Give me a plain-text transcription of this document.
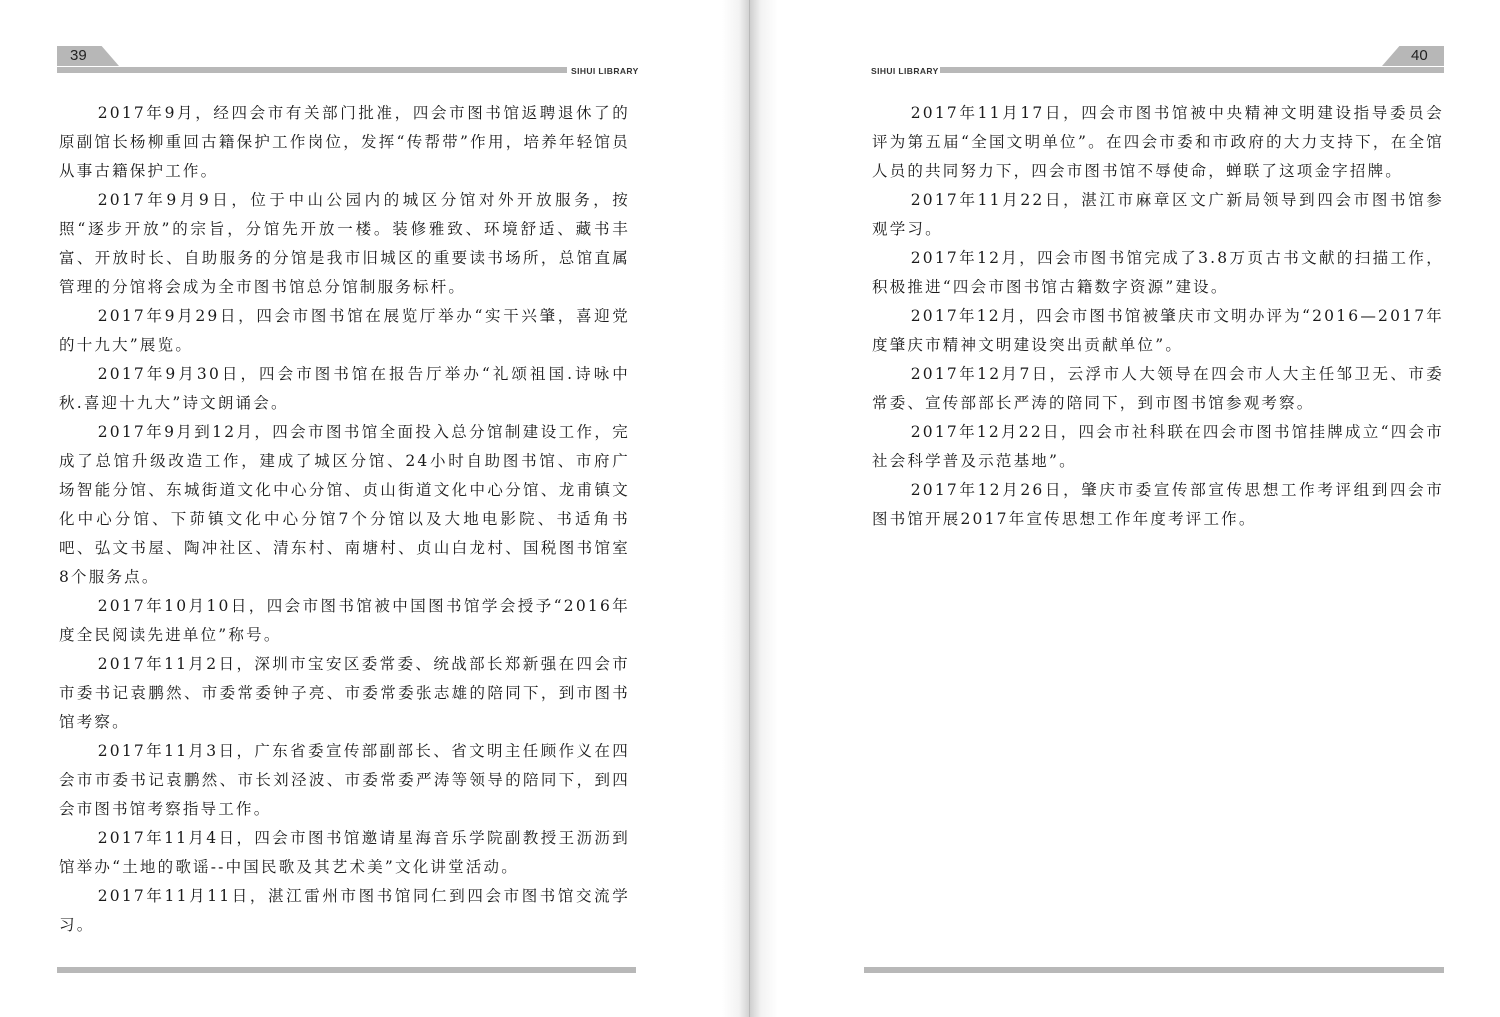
39
SIHUI LIBRARY

2017年9月，经四会市有关部门批准，四会市图书馆返聘退休了的原副馆长杨柳重回古籍保护工作岗位，发挥“传帮带”作用，培养年轻馆员从事古籍保护工作。

2017年9月9日，位于中山公园内的城区分馆对外开放服务，按照“逐步开放”的宗旨，分馆先开放一楼。装修雅致、环境舒适、藏书丰富、开放时长、自助服务的分馆是我市旧城区的重要读书场所，总馆直属管理的分馆将会成为全市图书馆总分馆制服务标杆。

2017年9月29日，四会市图书馆在展览厅举办“实干兴肇，喜迎党的十九大”展览。

2017年9月30日，四会市图书馆在报告厅举办“礼颂祖国.诗咏中秋.喜迎十九大”诗文朗诵会。

2017年9月到12月，四会市图书馆全面投入总分馆制建设工作，完成了总馆升级改造工作，建成了城区分馆、24小时自助图书馆、市府广场智能分馆、东城街道文化中心分馆、贞山街道文化中心分馆、龙甫镇文化中心分馆、下茆镇文化中心分馆7个分馆以及大地电影院、书适角书吧、弘文书屋、陶冲社区、清东村、南塘村、贞山白龙村、国税图书馆室8个服务点。

2017年10月10日，四会市图书馆被中国图书馆学会授予“2016年度全民阅读先进单位”称号。

2017年11月2日，深圳市宝安区委常委、统战部长郑新强在四会市市委书记袁鹏然、市委常委钟子亮、市委常委张志雄的陪同下，到市图书馆考察。

2017年11月3日，广东省委宣传部副部长、省文明主任顾作义在四会市市委书记袁鹏然、市长刘泾波、市委常委严涛等领导的陪同下，到四会市图书馆考察指导工作。

2017年11月4日，四会市图书馆邀请星海音乐学院副教授王沥沥到馆举办“土地的歌谣--中国民歌及其艺术美”文化讲堂活动。

2017年11月11日，湛江雷州市图书馆同仁到四会市图书馆交流学习。

40
SIHUI LIBRARY

2017年11月17日，四会市图书馆被中央精神文明建设指导委员会评为第五届“全国文明单位”。在四会市委和市政府的大力支持下，在全馆人员的共同努力下，四会市图书馆不辱使命，蝉联了这项金字招牌。

2017年11月22日，湛江市麻章区文广新局领导到四会市图书馆参观学习。

2017年12月，四会市图书馆完成了3.8万页古书文献的扫描工作，积极推进“四会市图书馆古籍数字资源”建设。

2017年12月，四会市图书馆被肇庆市文明办评为“2016—2017年度肇庆市精神文明建设突出贡献单位”。

2017年12月7日，云浮市人大领导在四会市人大主任邹卫无、市委常委、宣传部部长严涛的陪同下，到市图书馆参观考察。

2017年12月22日，四会市社科联在四会市图书馆挂牌成立“四会市社会科学普及示范基地”。

2017年12月26日，肇庆市委宣传部宣传思想工作考评组到四会市图书馆开展2017年宣传思想工作年度考评工作。
